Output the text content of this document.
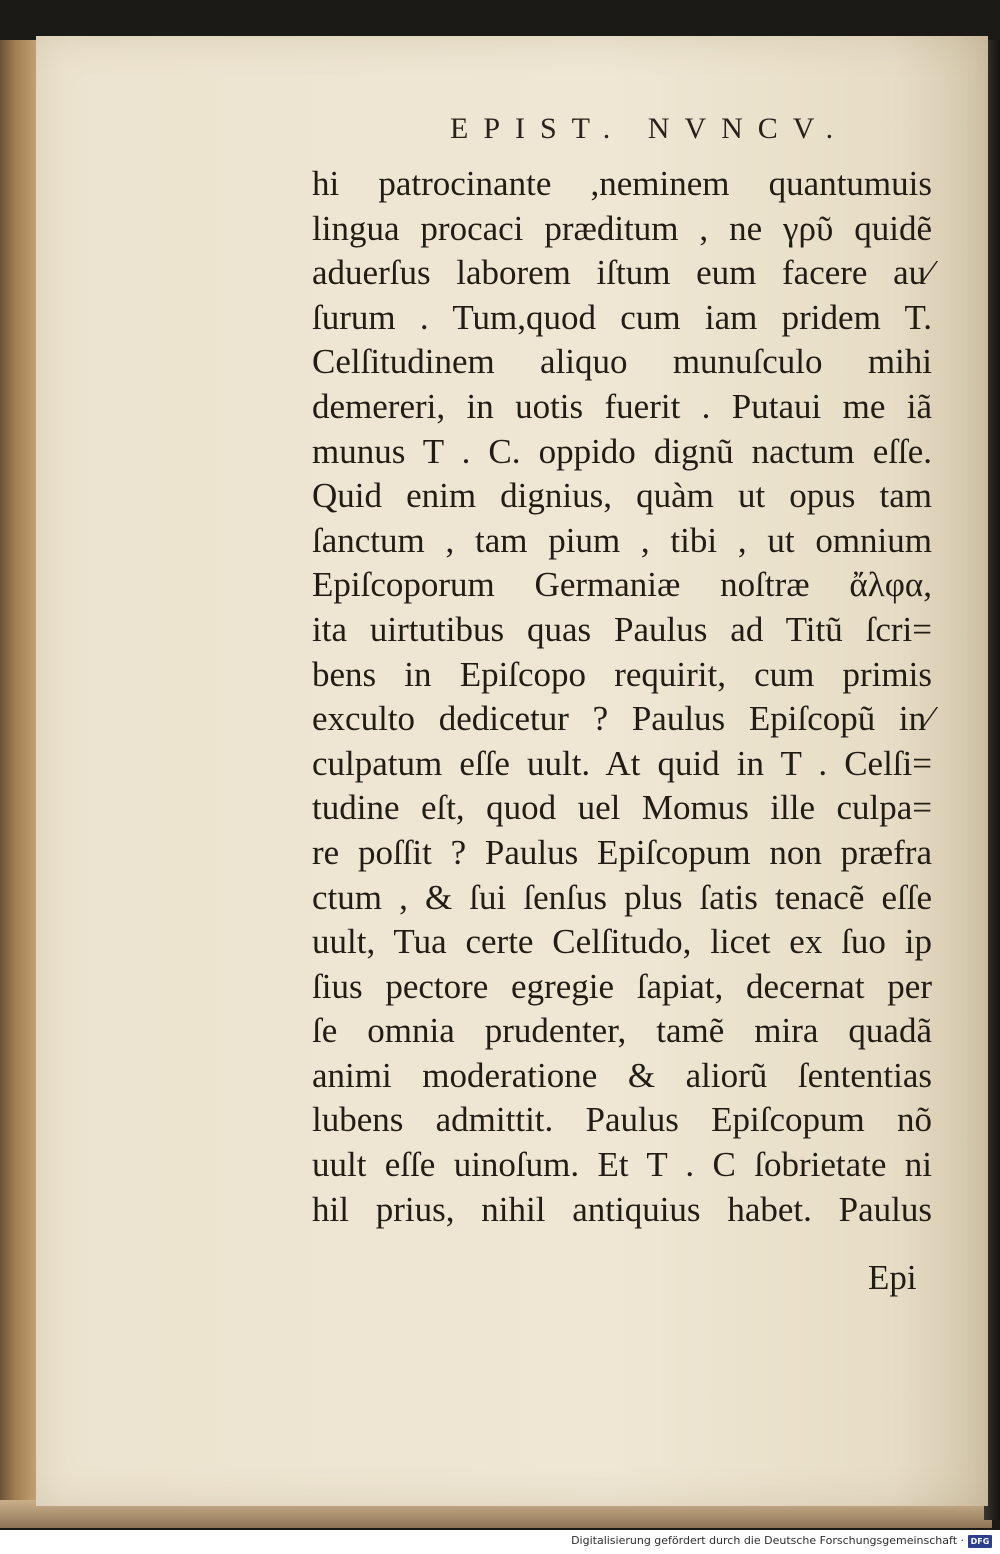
EPIST. NVNCV.
hi patrocinante ,neminem quantumuis
lingua procaci præditum , ne γρῦ quidẽ
aduerſus laborem iſtum eum facere au⁄
ſurum . Tum,quod cum iam pridem T.
Celſitudinem aliquo munuſculo mihi
demereri, in uotis fuerit . Putaui me iã
munus T . C. oppido dignũ nactum eſſe.
Quid enim dignius, quàm ut opus tam
ſanctum , tam pium , tibi , ut omnium
Epiſcoporum Germaniæ noſtræ ἄλφα,
ita uirtutibus quas Paulus ad Titũ ſcri=
bens in Epiſcopo requirit, cum primis
exculto dedicetur ? Paulus Epiſcopũ in⁄
culpatum eſſe uult. At quid in T . Celſi=
tudine eſt, quod uel Momus ille culpa=
re poſſit ? Paulus Epiſcopum non præfra
ctum , & ſui ſenſus plus ſatis tenacẽ eſſe
uult, Tua certe Celſitudo, licet ex ſuo ip
ſius pectore egregie ſapiat, decernat per
ſe omnia prudenter, tamẽ mira quadã
animi moderatione & aliorũ ſententias
lubens admittit. Paulus Epiſcopum nõ
uult eſſe uinoſum. Et T . C ſobrietate ni
hil prius, nihil antiquius habet. Paulus
Epi
Digitalisierung gefördert durch die Deutsche Forschungsgemeinschaft · DFG
